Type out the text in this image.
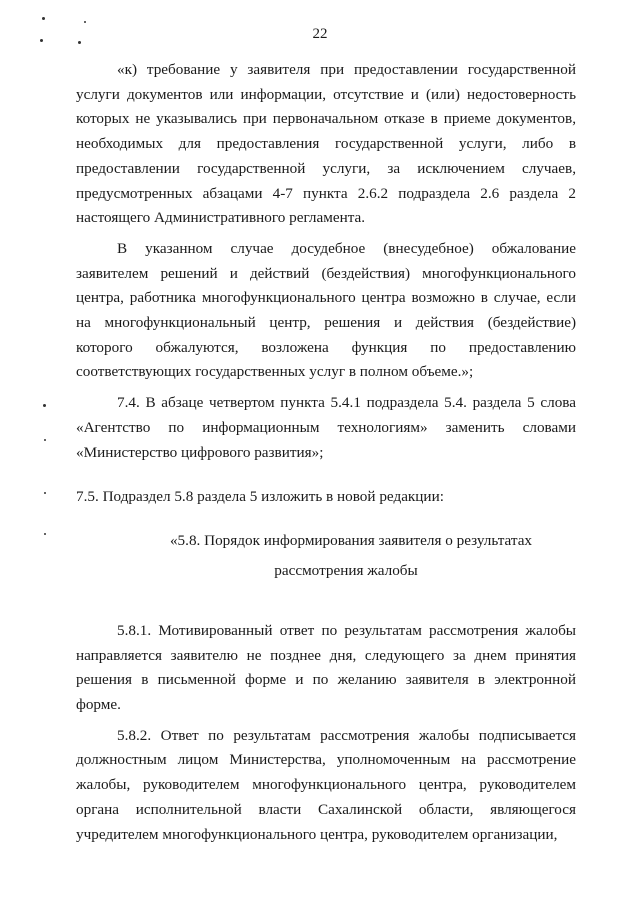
22

«к) требование у заявителя при предоставлении государственной услуги документов или информации, отсутствие и (или) недостоверность которых не указывались при первоначальном отказе в приеме документов, необходимых для предоставления государственной услуги, либо в предоставлении государственной услуги, за исключением случаев, предусмотренных абзацами 4-7 пункта 2.6.2 подраздела 2.6 раздела 2 настоящего Административного регламента.

В указанном случае досудебное (внесудебное) обжалование заявителем решений и действий (бездействия) многофункционального центра, работника многофункционального центра возможно в случае, если на многофункциональный центр, решения и действия (бездействие) которого обжалуются, возложена функция по предоставлению соответствующих государственных услуг в полном объеме.»;

7.4. В абзаце четвертом пункта 5.4.1 подраздела 5.4. раздела 5 слова «Агентство по информационным технологиям» заменить словами «Министерство цифрового развития»;

7.5. Подраздел 5.8 раздела 5 изложить в новой редакции:

«5.8. Порядок информирования заявителя о результатах
рассмотрения жалобы

5.8.1. Мотивированный ответ по результатам рассмотрения жалобы направляется заявителю не позднее дня, следующего за днем принятия решения в письменной форме и по желанию заявителя в электронной форме.

5.8.2. Ответ по результатам рассмотрения жалобы подписывается должностным лицом Министерства, уполномоченным на рассмотрение жалобы, руководителем многофункционального центра, руководителем органа исполнительной власти Сахалинской области, являющегося учредителем многофункционального центра, руководителем организации,
